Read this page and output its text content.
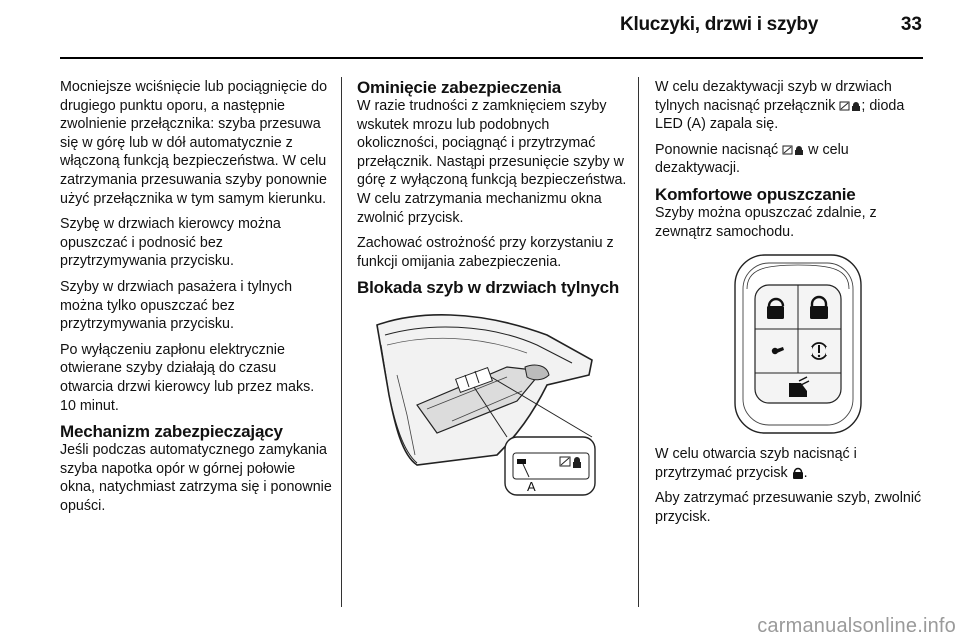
Kluczyki, drzwi i szyby	33

Mocniejsze wciśnięcie lub pociągnięcie do drugiego punktu oporu, a następnie zwolnienie przełącznika: szyba przesuwa się w górę lub w dół automatycznie z włączoną funkcją bezpieczeństwa. W celu zatrzymania przesuwania szyby ponownie użyć przełącznika w tym samym kierunku.

Szybę w drzwiach kierowcy można opuszczać i podnosić bez przytrzymywania przycisku.

Szyby w drzwiach pasażera i tylnych można tylko opuszczać bez przytrzymywania przycisku.

Po wyłączeniu zapłonu elektrycznie otwierane szyby działają do czasu otwarcia drzwi kierowcy lub przez maks. 10 minut.

Mechanizm zabezpieczający

Jeśli podczas automatycznego zamykania szyba napotka opór w górnej połowie okna, natychmiast zatrzyma się i ponownie opuści.

Ominięcie zabezpieczenia

W razie trudności z zamknięciem szyby wskutek mrozu lub podobnych okoliczności, pociągnąć i przytrzymać przełącznik. Nastąpi przesunięcie szyby w górę z wyłączoną funkcją bezpieczeństwa. W celu zatrzymania mechanizmu okna zwolnić przycisk.

Zachować ostrożność przy korzystaniu z funkcji omijania zabezpieczenia.

Blokada szyb w drzwiach tylnych
A

W celu dezaktywacji szyb w drzwiach tylnych nacisnąć przełącznik ; dioda LED (A) zapala się.

Ponownie nacisnąć w celu dezaktywacji.

Komfortowe opuszczanie

Szyby można opuszczać zdalnie, z zewnątrz samochodu.

W celu otwarcia szyb nacisnąć i przytrzymać przycisk .

Aby zatrzymać przesuwanie szyb, zwolnić przycisk.

carmanualsonline.info
